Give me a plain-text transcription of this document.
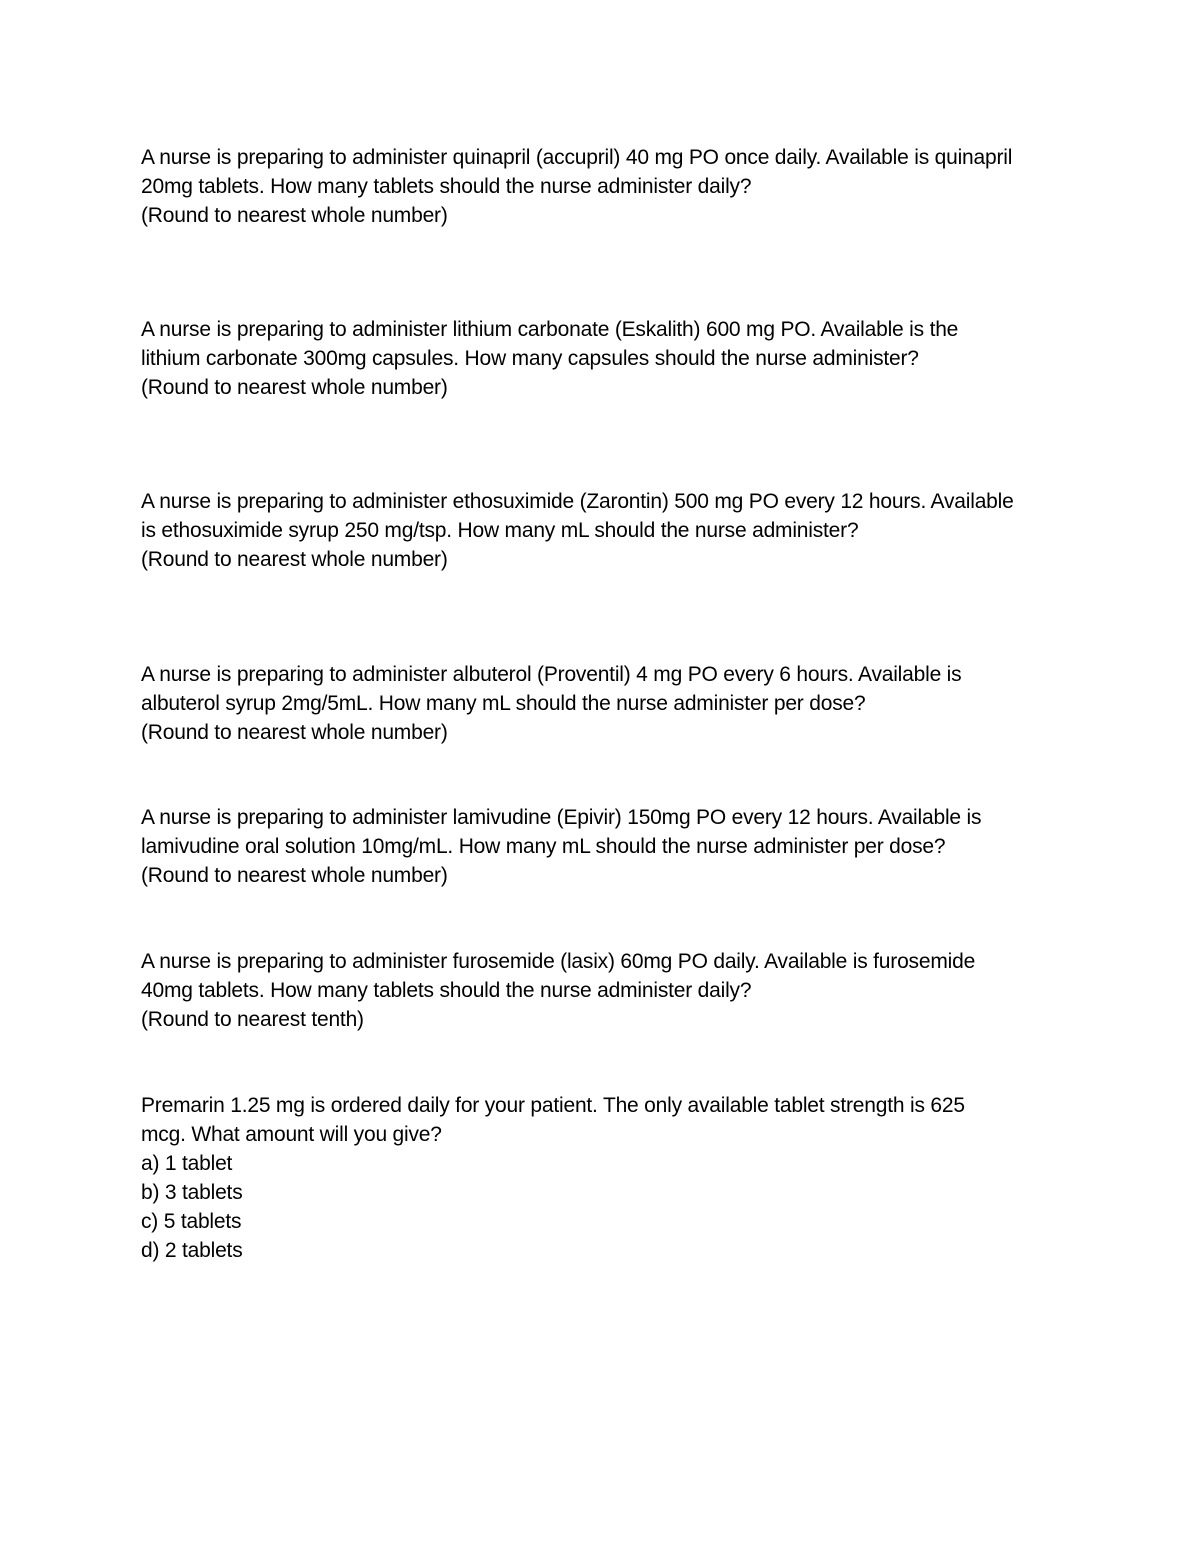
A nurse is preparing to administer quinapril (accupril) 40 mg PO once daily. Available is quinapril
20mg tablets. How many tablets should the nurse administer daily?
(Round to nearest whole number)
A nurse is preparing to administer lithium carbonate (Eskalith) 600 mg PO. Available is the
lithium carbonate 300mg capsules. How many capsules should the nurse administer?
(Round to nearest whole number)
A nurse is preparing to administer ethosuximide (Zarontin) 500 mg PO every 12 hours. Available
is ethosuximide syrup 250 mg/tsp. How many mL should the nurse administer?
(Round to nearest whole number)
A nurse is preparing to administer albuterol (Proventil) 4 mg PO every 6 hours. Available is
albuterol syrup 2mg/5mL. How many mL should the nurse administer per dose?
(Round to nearest whole number)
A nurse is preparing to administer lamivudine (Epivir) 150mg PO every 12 hours. Available is
lamivudine oral solution 10mg/mL. How many mL should the nurse administer per dose?
(Round to nearest whole number)
A nurse is preparing to administer furosemide (lasix) 60mg PO daily. Available is furosemide
40mg tablets. How many tablets should the nurse administer daily?
(Round to nearest tenth)
Premarin 1.25 mg is ordered daily for your patient. The only available tablet strength is 625
mcg. What amount will you give?
a) 1 tablet
b) 3 tablets
c) 5 tablets
d) 2 tablets
